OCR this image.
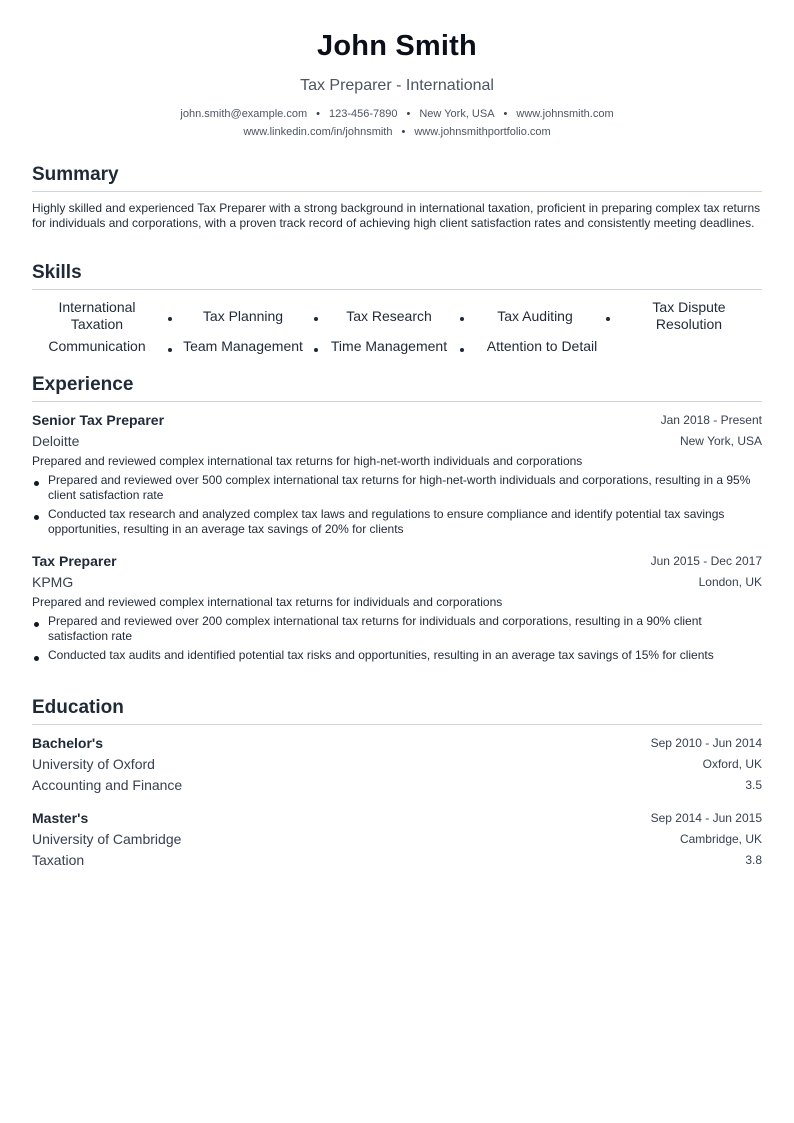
John Smith
Tax Preparer - International
john.smith@example.com • 123-456-7890 • New York, USA • www.johnsmith.com
www.linkedin.com/in/johnsmith • www.johnsmithportfolio.com
Summary
Highly skilled and experienced Tax Preparer with a strong background in international taxation, proficient in preparing complex tax returns for individuals and corporations, with a proven track record of achieving high client satisfaction rates and consistently meeting deadlines.
Skills
International Taxation	Tax Planning	Tax Research	Tax Auditing
Tax Dispute Resolution
Communication	Team Management	Time Management	Attention to Detail
Experience
Senior Tax Preparer	Jan 2018 - Present
Deloitte	New York, USA
Prepared and reviewed complex international tax returns for high-net-worth individuals and corporations
Prepared and reviewed over 500 complex international tax returns for high-net-worth individuals and corporations, resulting in a 95% client satisfaction rate
Conducted tax research and analyzed complex tax laws and regulations to ensure compliance and identify potential tax savings opportunities, resulting in an average tax savings of 20% for clients
Tax Preparer	Jun 2015 - Dec 2017
KPMG	London, UK
Prepared and reviewed complex international tax returns for individuals and corporations
Prepared and reviewed over 200 complex international tax returns for individuals and corporations, resulting in a 90% client satisfaction rate
Conducted tax audits and identified potential tax risks and opportunities, resulting in an average tax savings of 15% for clients
Education
Bachelor's	Sep 2010 - Jun 2014
University of Oxford	Oxford, UK
Accounting and Finance	3.5
Master's	Sep 2014 - Jun 2015
University of Cambridge	Cambridge, UK
Taxation	3.8
